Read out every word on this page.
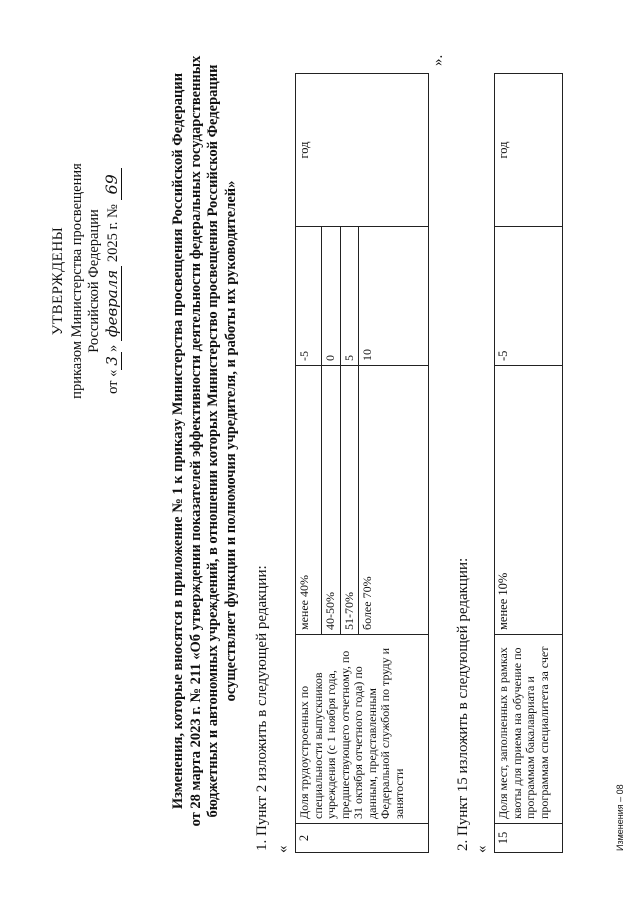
УТВЕРЖДЕНЫ приказом Министерства просвещения Российской Федерации
от «3» февраля 2025 г. № 69	Изменения, которые вносятся в приложение № 1 к приказу Министерства просвещения Российской Федерации от 28 марта 2023 г. № 211 «Об утверждении показателей эффективности деятельности федеральных государственных бюджетных и автономных учреждений, в отношении которых Министерство просвещения Российской Федерации осуществляет функции и полномочия учредителя, и работы их руководителей»
1. Пункт 2 изложить в следующей редакции: «
2	Доля трудоустроенных по специальности выпускников учреждения (с 1 ноября года, предшествующего отчетному, по 31 октября отчетного года) по данным, представленным Федеральной службой по труду и занятости	менее 40%	-5	год
		40-50%	0	
		51-70%	5	
		более 70%	10	
».
2. Пункт 15 изложить в следующей редакции: «
15	Доля мест, заполненных в рамках квоты для приема на обучение по программам бакалавриата и программам специалитета за счет	менее 10%	-5	год
Изменения – 08
